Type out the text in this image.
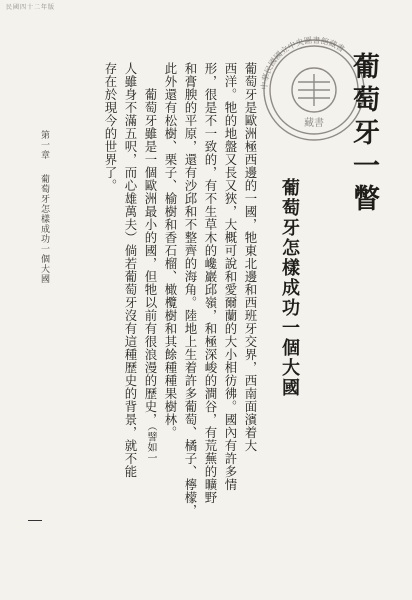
民國四十二年版
中華民國國立中央圖書館藏書
藏書 葡萄牙一瞥
葡萄牙怎樣成功一個大國
葡萄牙是歐洲極西邊的一國，牠東北邊和西班牙交界，西南面濱着大
西洋。牠的地盤又長又狹，大概可說和愛爾蘭的大小相彷彿。國內有許多情
形，很是不一致的，有不生草木的巉巖邱嶺，和極深峻的澗谷，有荒蕪的曠野
和膏腴的平原，還有沙邱和不整齊的海角。陸地上生着許多葡萄、橘子、檸檬，
此外還有松樹、栗子、榆樹和香石榴、橄欖樹和其餘種種果樹林。
葡萄牙雖是一個歐洲最小的國，但牠以前有很浪漫的歷史，（譬如一
人雖身不滿五呎，而心雄萬夫）倘若葡萄牙沒有這種歷史的背景，就不能
存在於現今的世界了。
第一章葡萄牙怎樣成功一個大國
